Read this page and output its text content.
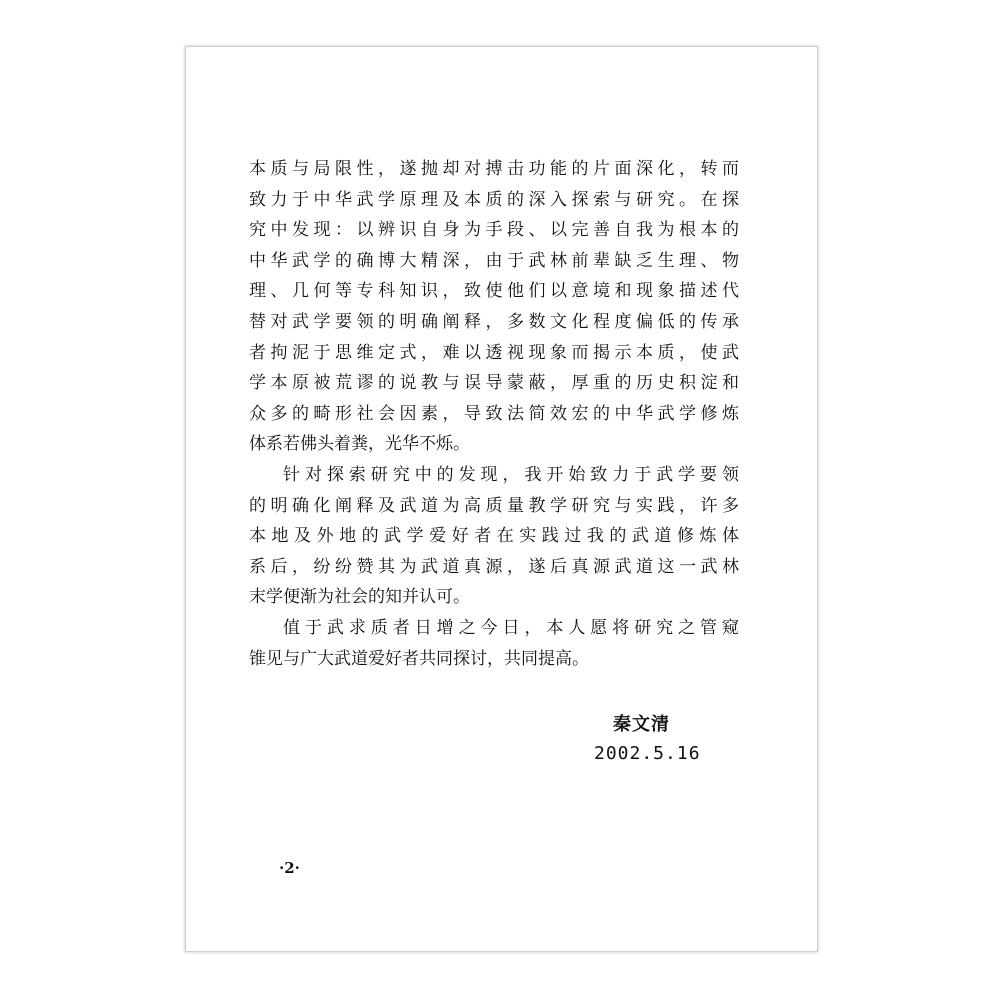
本质与局限性，遂抛却对搏击功能的片面深化，转而
致力于中华武学原理及本质的深入探索与研究。在探
究中发现：以辨识自身为手段、以完善自我为根本的
中华武学的确博大精深，由于武林前辈缺乏生理、物
理、几何等专科知识，致使他们以意境和现象描述代
替对武学要领的明确阐释，多数文化程度偏低的传承
者拘泥于思维定式，难以透视现象而揭示本质，使武
学本原被荒谬的说教与误导蒙蔽，厚重的历史积淀和
众多的畸形社会因素，导致法简效宏的中华武学修炼
体系若佛头着粪，光华不烁。
针对探索研究中的发现，我开始致力于武学要领
的明确化阐释及武道为高质量教学研究与实践，许多
本地及外地的武学爱好者在实践过我的武道修炼体
系后，纷纷赞其为武道真源，遂后真源武道这一武林
末学便渐为社会的知并认可。
值于武求质者日增之今日，本人愿将研究之管窥
锥见与广大武道爱好者共同探讨，共同提高。
秦文清
2002.5.16
·2·
